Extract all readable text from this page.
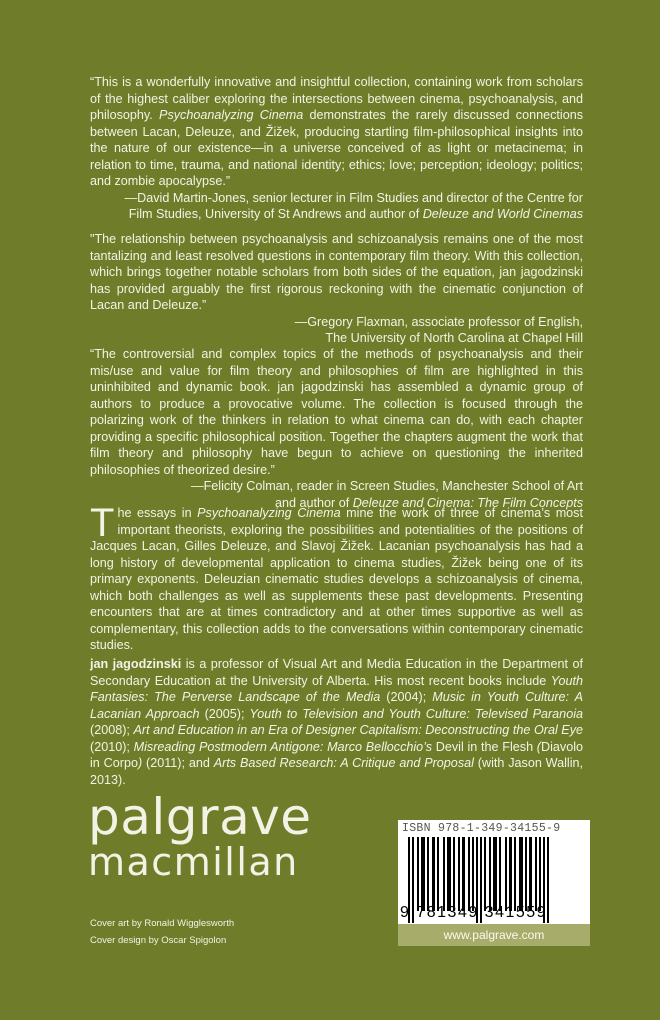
“This is a wonderfully innovative and insightful collection, containing work from scholars of the highest caliber exploring the intersections between cinema, psychoanalysis, and philosophy. Psychoanalyzing Cinema demonstrates the rarely discussed connections between Lacan, Deleuze, and Žižek, producing startling film-philosophical insights into the nature of our existence—in a universe conceived of as light or metacinema; in relation to time, trauma, and national identity; ethics; love; perception; ideology; politics; and zombie apocalypse.”

—David Martin-Jones, senior lecturer in Film Studies and director of the Centre for

Film Studies, University of St Andrews and author of Deleuze and World Cinemas

"The relationship between psychoanalysis and schizoanalysis remains one of the most tantalizing and least resolved questions in contemporary film theory. With this collection, which brings together notable scholars from both sides of the equation, jan jagodzinski has provided arguably the first rigorous reckoning with the cinematic conjunction of Lacan and Deleuze.”

—Gregory Flaxman, associate professor of English,

The University of North Carolina at Chapel Hill

“The controversial and complex topics of the methods of psychoanalysis and their mis/use and value for film theory and philosophies of film are highlighted in this uninhibited and dynamic book. jan jagodzinski has assembled a dynamic group of authors to produce a provocative volume. The collection is focused through the polarizing work of the thinkers in relation to what cinema can do, with each chapter providing a specific philosophical position. Together the chapters augment the work that film theory and philosophy have begun to achieve on questioning the inherited philosophies of theorized desire.”

—Felicity Colman, reader in Screen Studies, Manchester School of Art

and author of Deleuze and Cinema: The Film Concepts

The essays in Psychoanalyzing Cinema mine the work of three of cinema’s most important theorists, exploring the possibilities and potentialities of the positions of Jacques Lacan, Gilles Deleuze, and Slavoj Žižek. Lacanian psychoanalysis has had a long history of developmental application to cinema studies, Žižek being one of its primary exponents. Deleuzian cinematic studies develops a schizoanalysis of cinema, which both challenges as well as supplements these past developments. Presenting encounters that are at times contradictory and at other times supportive as well as complementary, this collection adds to the conversations within contemporary cinematic studies.

jan jagodzinski is a professor of Visual Art and Media Education in the Department of Secondary Education at the University of Alberta. His most recent books include Youth Fantasies: The Perverse Landscape of the Media (2004); Music in Youth Culture: A Lacanian Approach (2005); Youth to Television and Youth Culture: Televised Paranoia (2008); Art and Education in an Era of Designer Capitalism: Deconstructing the Oral Eye (2010); Misreading Postmodern Antigone: Marco Bellocchio’s Devil in the Flesh (Diavolo in Corpo) (2011); and Arts Based Research: A Critique and Proposal (with Jason Wallin, 2013).

palgrave
macmillan
Cover art by Ronald Wigglesworth
Cover design by Oscar Spigolon
ISBN 978-1-349-34155-9
9 781349 341559
www.palgrave.com
